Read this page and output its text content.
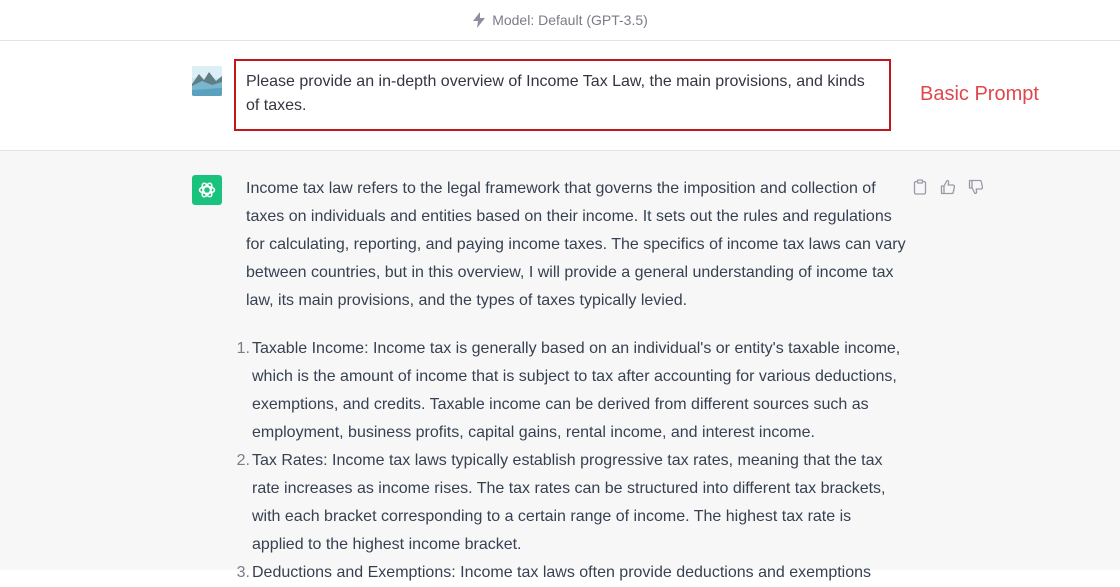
Model: Default (GPT-3.5)
Please provide an in-depth overview of Income Tax Law, the main provisions, and kinds of taxes.
Basic Prompt

Income tax law refers to the legal framework that governs the imposition and collection of taxes on individuals and entities based on their income. It sets out the rules and regulations for calculating, reporting, and paying income taxes. The specifics of income tax laws can vary between countries, but in this overview, I will provide a general understanding of income tax law, its main provisions, and the types of taxes typically levied.

1. Taxable Income: Income tax is generally based on an individual's or entity's taxable income, which is the amount of income that is subject to tax after accounting for various deductions, exemptions, and credits. Taxable income can be derived from different sources such as employment, business profits, capital gains, rental income, and interest income.
2. Tax Rates: Income tax laws typically establish progressive tax rates, meaning that the tax rate increases as income rises. The tax rates can be structured into different tax brackets, with each bracket corresponding to a certain range of income. The highest tax rate is applied to the highest income bracket.
3. Deductions and Exemptions: Income tax laws often provide deductions and exemptions
